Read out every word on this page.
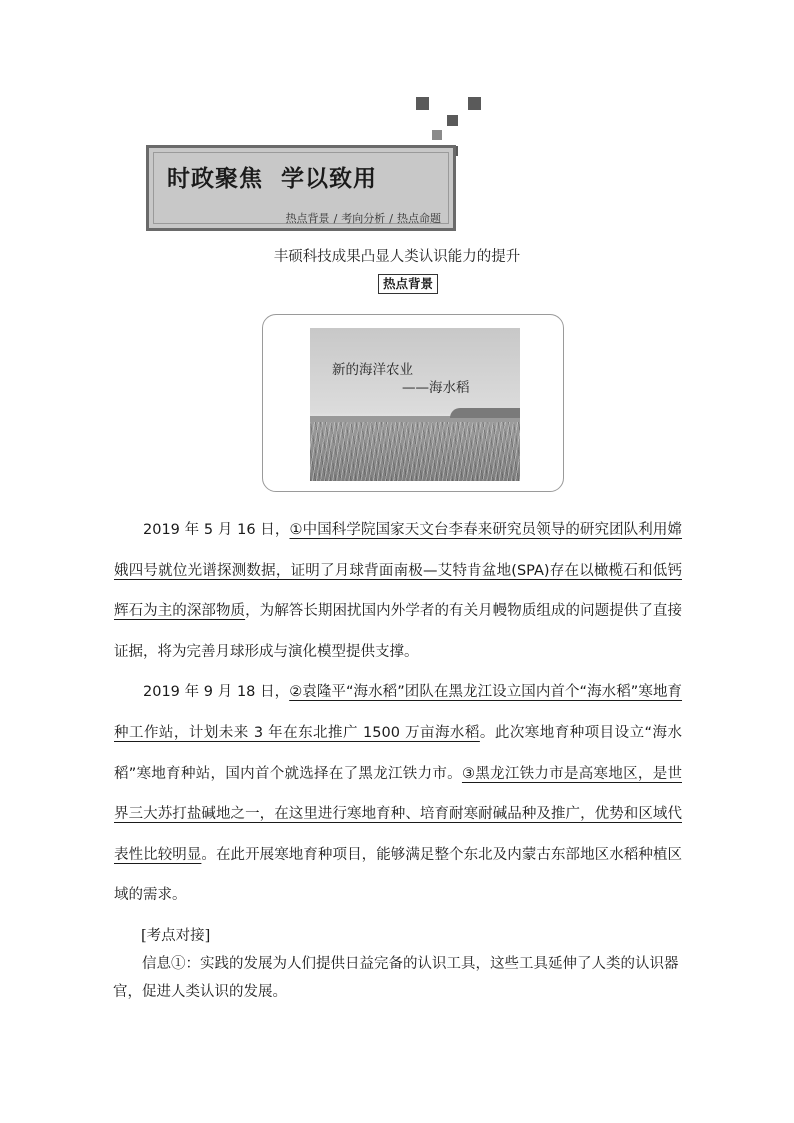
时政聚焦  学以致用
热点背景 / 考向分析 / 热点命题
丰硕科技成果凸显人类认识能力的提升
热点背景
新的海洋农业
——海水稻

2019 年 5 月 16 日，①中国科学院国家天文台李春来研究员领导的研究团队利用嫦娥四号就位光谱探测数据，证明了月球背面南极—艾特肯盆地(SPA)存在以橄榄石和低钙辉石为主的深部物质，为解答长期困扰国内外学者的有关月幔物质组成的问题提供了直接证据，将为完善月球形成与演化模型提供支撑。

2019 年 9 月 18 日，②袁隆平“海水稻”团队在黑龙江设立国内首个“海水稻”寒地育种工作站，计划未来 3 年在东北推广 1500 万亩海水稻。此次寒地育种项目设立“海水稻”寒地育种站，国内首个就选择在了黑龙江铁力市。③黑龙江铁力市是高寒地区，是世界三大苏打盐碱地之一，在这里进行寒地育种、培育耐寒耐碱品种及推广，优势和区域代表性比较明显。在此开展寒地育种项目，能够满足整个东北及内蒙古东部地区水稻种植区域的需求。

[考点对接]

信息①：实践的发展为人们提供日益完备的认识工具，这些工具延伸了人类的认识器官，促进人类认识的发展。
